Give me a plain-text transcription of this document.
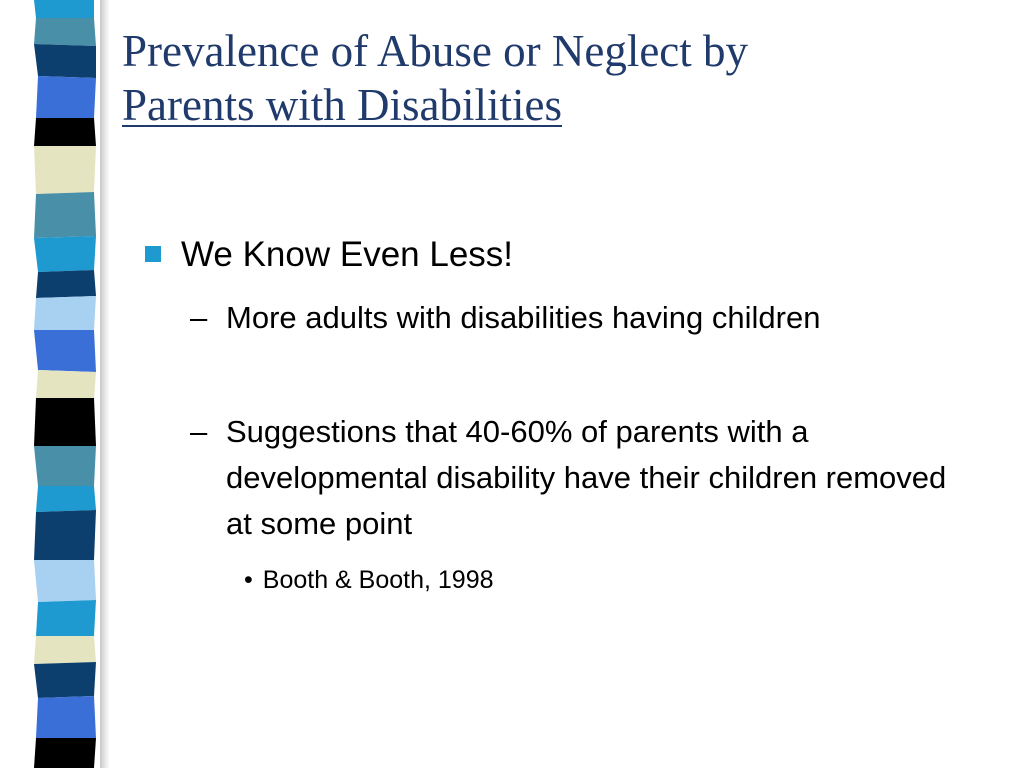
Prevalence of Abuse or Neglect by
Parents with Disabilities
We Know Even Less!
– More adults with disabilities having children
– Suggestions that 40-60% of parents with a developmental disability have their children removed at some point
• Booth & Booth, 1998
